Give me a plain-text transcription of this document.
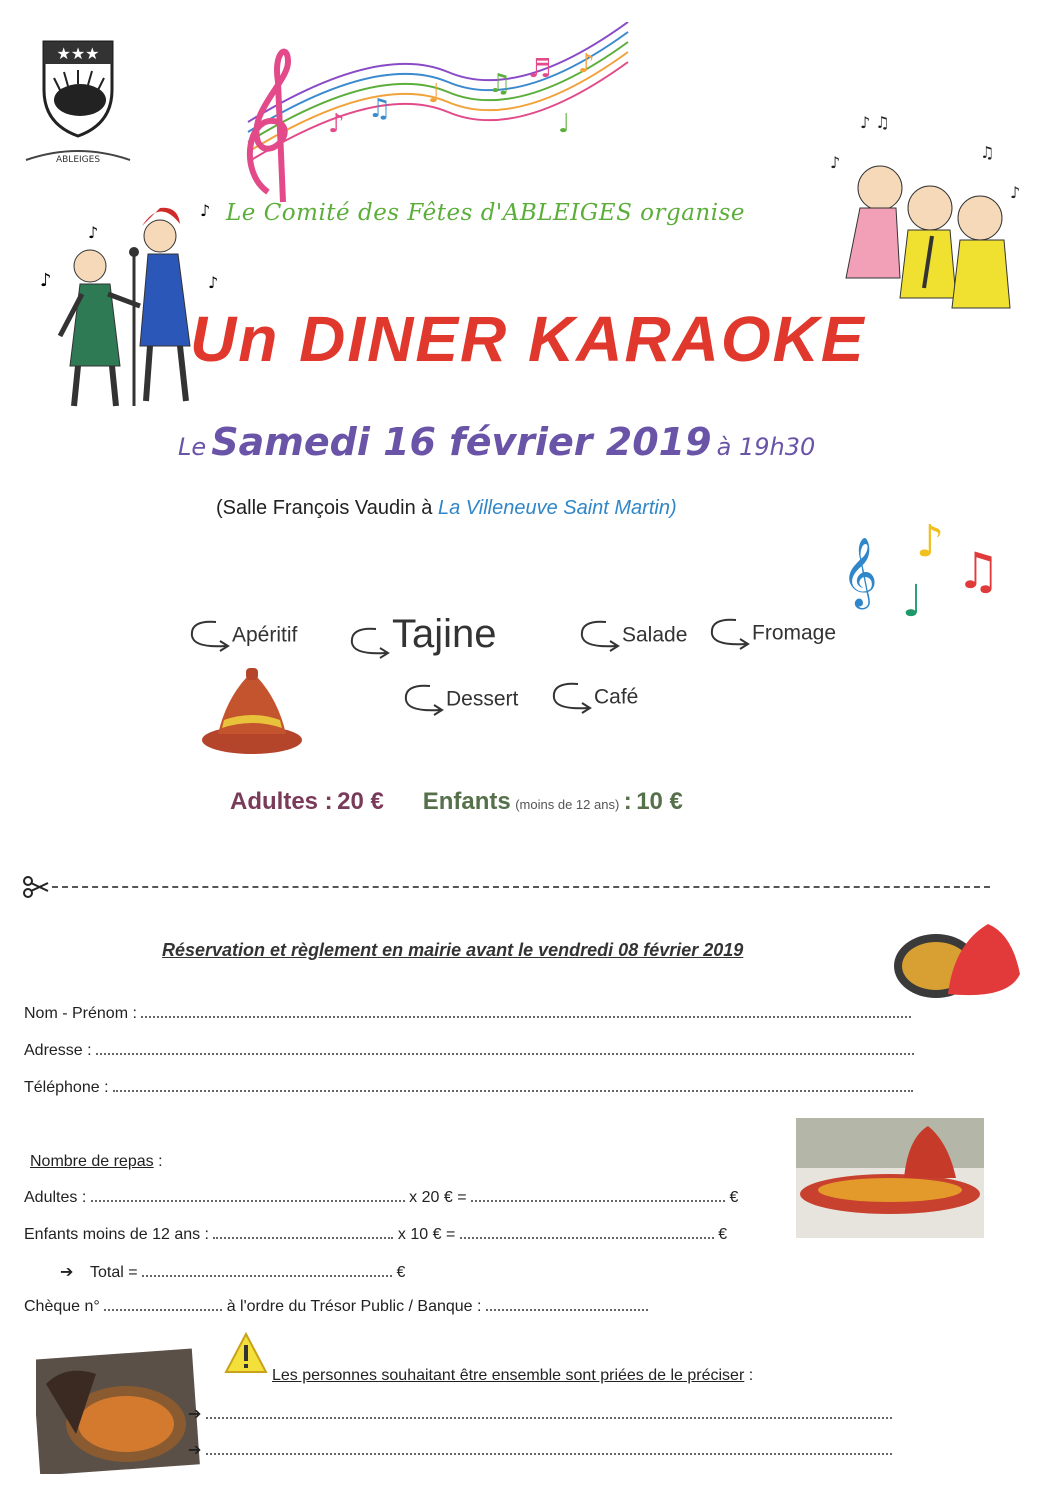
★★★
ABLEIGES
♪ ♫ ♩ ♫ ♬ ♪
♩
♪
♪
♪
♪
♪ ♫
♫
♪
♪
Le Comité des Fêtes d'ABLEIGES organise
Un DINER KARAOKE
Le Samedi 16 février 2019 à 19h30
(Salle François Vaudin à La Villeneuve Saint Martin)
𝄞 ♪
♩
♫
Apéritif	Tajine	Salade	Fromage
Dessert	Café
Adultes : 20 € Enfants (moins de 12 ans) : 10 €
Réservation et règlement en mairie avant le vendredi 08 février 2019
Nom - Prénom :
Adresse :
Téléphone :
Nombre de repas :
Adultes :	x 20 € =	€
Enfants moins de 12 ans :	x 10 € =	€
➔ Total =	€
Chèque n°	à l'ordre du Trésor Public / Banque :
Les personnes souhaitant être ensemble sont priées de le préciser :
➔
➔
